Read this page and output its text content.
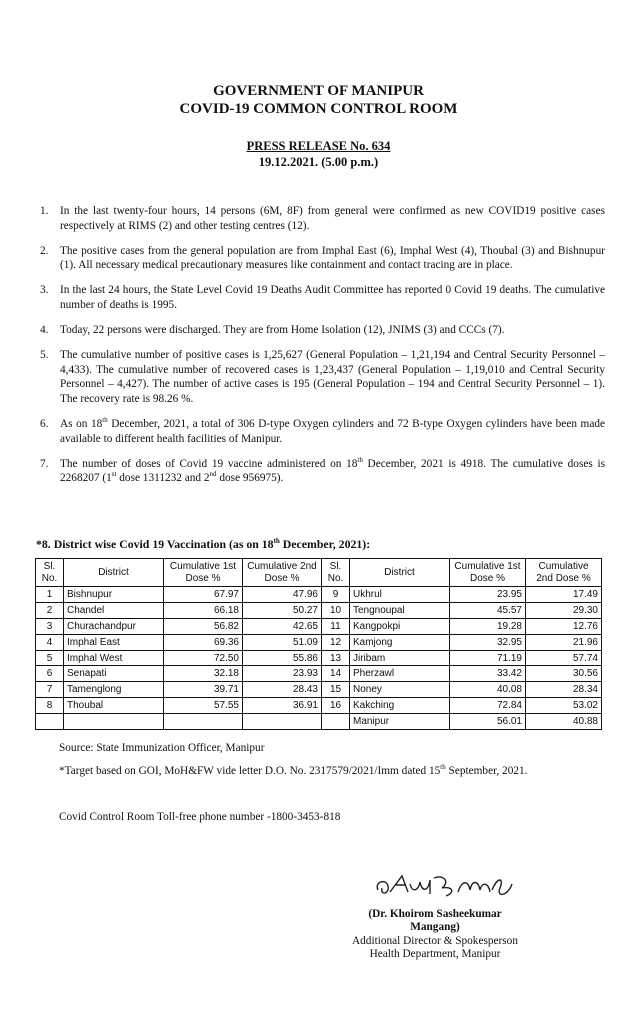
GOVERNMENT OF MANIPUR
COVID-19 COMMON CONTROL ROOM
PRESS RELEASE No. 634
19.12.2021. (5.00 p.m.)
1. In the last twenty-four hours, 14 persons (6M, 8F) from general were confirmed as new COVID19 positive cases respectively at RIMS (2) and other testing centres (12).
2. The positive cases from the general population are from Imphal East (6), Imphal West (4), Thoubal (3) and Bishnupur (1). All necessary medical precautionary measures like containment and contact tracing are in place.
3. In the last 24 hours, the State Level Covid 19 Deaths Audit Committee has reported 0 Covid 19 deaths. The cumulative number of deaths is 1995.
4. Today, 22 persons were discharged. They are from Home Isolation (12), JNIMS (3) and CCCs (7).
5. The cumulative number of positive cases is 1,25,627 (General Population – 1,21,194 and Central Security Personnel – 4,433). The cumulative number of recovered cases is 1,23,437 (General Population – 1,19,010 and Central Security Personnel – 4,427). The number of active cases is 195 (General Population – 194 and Central Security Personnel – 1). The recovery rate is 98.26 %.
6. As on 18th December, 2021, a total of 306 D-type Oxygen cylinders and 72 B-type Oxygen cylinders have been made available to different health facilities of Manipur.
7. The number of doses of Covid 19 vaccine administered on 18th December, 2021 is 4918. The cumulative doses is 2268207 (1st dose 1311232 and 2nd dose 956975).
*8. District wise Covid 19 Vaccination (as on 18th December, 2021):
Sl. No.	District	Cumulative 1st Dose %	Cumulative 2nd Dose %	Sl. No.	District	Cumulative 1st Dose %	Cumulative 2nd Dose %
1	Bishnupur	67.97	47.96	9	Ukhrul	23.95	17.49
2	Chandel	66.18	50.27	10	Tengnoupal	45.57	29.30
3	Churachandpur	56.82	42.65	11	Kangpokpi	19.28	12.76
4	Imphal East	69.36	51.09	12	Kamjong	32.95	21.96
5	Imphal West	72.50	55.86	13	Jiribam	71.19	57.74
6	Senapati	32.18	23.93	14	Pherzawl	33.42	30.56
7	Tamenglong	39.71	28.43	15	Noney	40.08	28.34
8	Thoubal	57.55	36.91	16	Kakching	72.84	53.02
					Manipur	56.01	40.88
Source: State Immunization Officer, Manipur
*Target based on GOI, MoH&FW vide letter D.O. No. 2317579/2021/Imm dated 15th September, 2021.
Covid Control Room Toll-free phone number -1800-3453-818
(Dr. Khoirom Sasheekumar Mangang)
Additional Director & Spokesperson
Health Department, Manipur
